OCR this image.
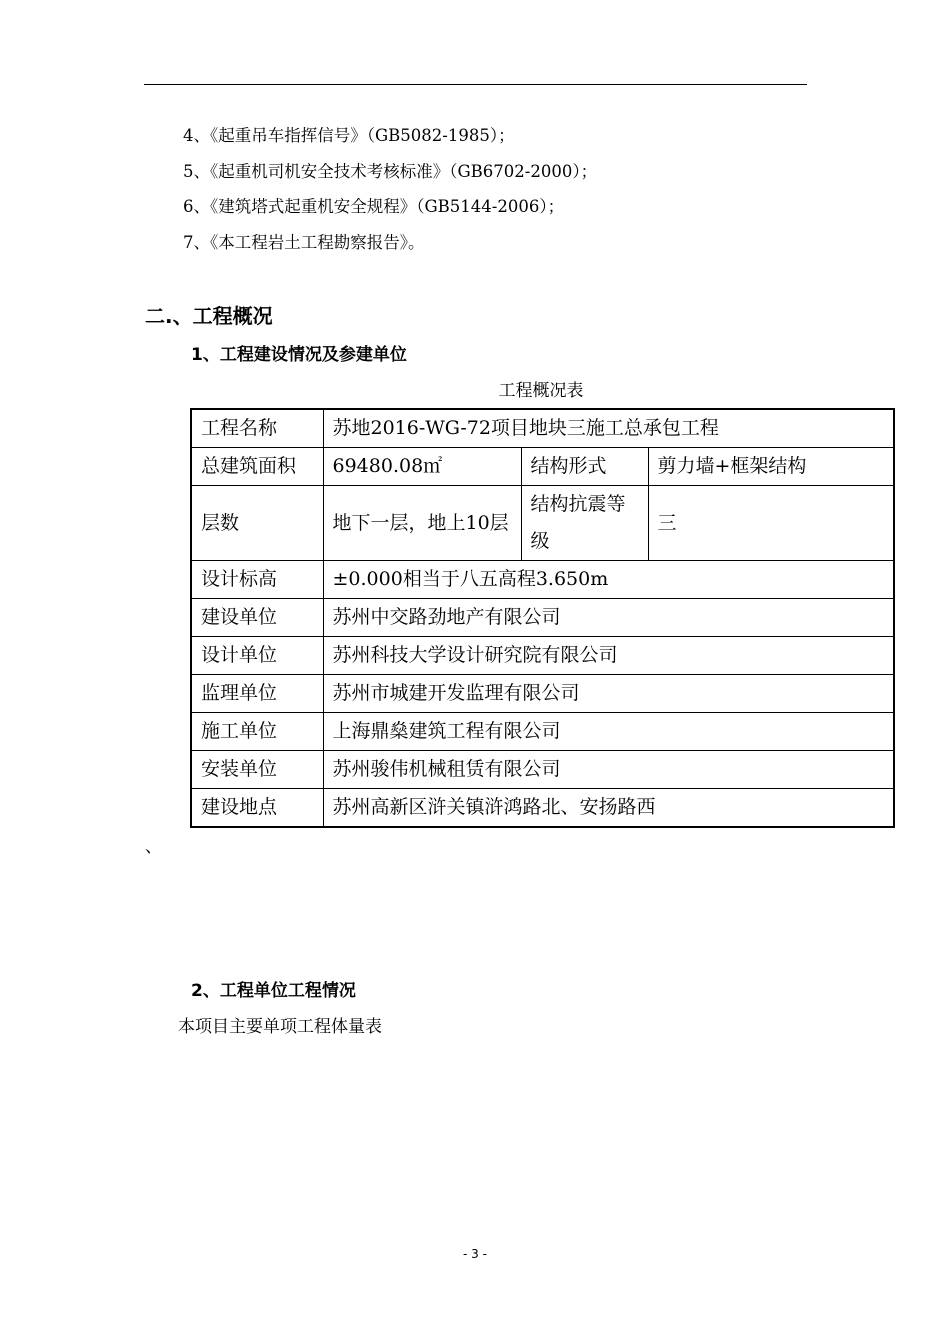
4、《起重吊车指挥信号》（GB5082-1985）；
5、《起重机司机安全技术考核标准》（GB6702-2000）；
6、《建筑塔式起重机安全规程》（GB5144-2006）；
7、《本工程岩土工程勘察报告》。
二.、工程概况
1、工程建设情况及参建单位
工程概况表
工程名称	苏地2016-WG-72项目地块三施工总承包工程		
总建筑面积	69480.08㎡	结构形式	剪力墙+框架结构
层数	地下一层，地上10层	结构抗震等级	三
设计标高	±0.000相当于八五高程3.650m		
建设单位	苏州中交路劲地产有限公司		
设计单位	苏州科技大学设计研究院有限公司		
监理单位	苏州市城建开发监理有限公司		
施工单位	上海鼎燊建筑工程有限公司		
安装单位	苏州骏伟机械租赁有限公司		
建设地点	苏州高新区浒关镇浒鸿路北、安扬路西		
、
2、工程单位工程情况
本项目主要单项工程体量表
- 3 -
